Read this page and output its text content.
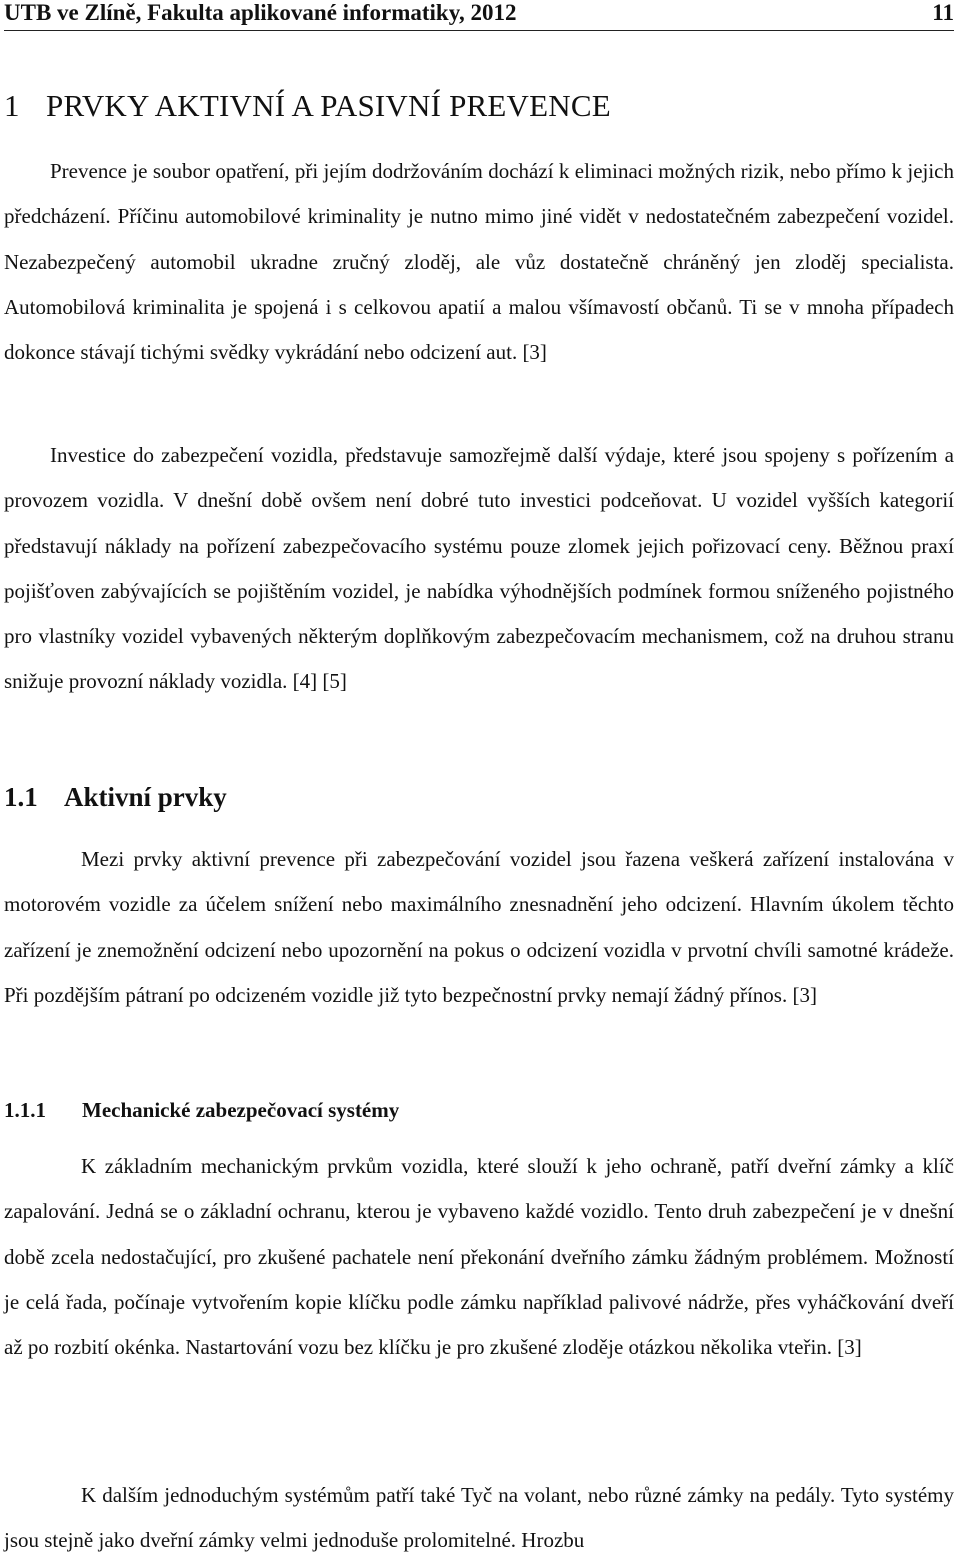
UTB ve Zlíně, Fakulta aplikované informatiky, 2012	11
1 PRVKY AKTIVNÍ A PASIVNÍ PREVENCE

Prevence je soubor opatření, při jejím dodržováním dochází k eliminaci možných rizik, nebo přímo k jejich předcházení. Příčinu automobilové kriminality je nutno mimo jiné vidět v nedostatečném zabezpečení vozidel. Nezabezpečený automobil ukradne zručný zloděj, ale vůz dostatečně chráněný jen zloděj specialista. Automobilová kriminalita je spojená i s celkovou apatií a malou všímavostí občanů. Ti se v mnoha případech dokonce stávají tichými svědky vykrádání nebo odcizení aut. [3]

Investice do zabezpečení vozidla, představuje samozřejmě další výdaje, které jsou spojeny s pořízením a provozem vozidla. V dnešní době ovšem není dobré tuto investici podceňovat. U vozidel vyšších kategorií představují náklady na pořízení zabezpečovacího systému pouze zlomek jejich pořizovací ceny. Běžnou praxí pojišťoven zabývajících se pojištěním vozidel, je nabídka výhodnějších podmínek formou sníženého pojistného pro vlastníky vozidel vybavených některým doplňkovým zabezpečovacím mechanismem, což na druhou stranu snižuje provozní náklady vozidla. [4] [5]

1.1 Aktivní prvky

Mezi prvky aktivní prevence při zabezpečování vozidel jsou řazena veškerá zařízení instalována v motorovém vozidle za účelem snížení nebo maximálního znesnadnění jeho odcizení. Hlavním úkolem těchto zařízení je znemožnění odcizení nebo upozornění na pokus o odcizení vozidla v prvotní chvíli samotné krádeže. Při pozdějším pátraní po odcizeném vozidle již tyto bezpečnostní prvky nemají žádný přínos. [3]

1.1.1 Mechanické zabezpečovací systémy

K základním mechanickým prvkům vozidla, které slouží k jeho ochraně, patří dveřní zámky a klíč zapalování. Jedná se o základní ochranu, kterou je vybaveno každé vozidlo. Tento druh zabezpečení je v dnešní době zcela nedostačující, pro zkušené pachatele není překonání dveřního zámku žádným problémem. Možností je celá řada, počínaje vytvořením kopie klíčku podle zámku například palivové nádrže, přes vyháčkování dveří až po rozbití okénka. Nastartování vozu bez klíčku je pro zkušené zloděje otázkou několika vteřin. [3]

K dalším jednoduchým systémům patří také Tyč na volant, nebo různé zámky na pedály. Tyto systémy jsou stejně jako dveřní zámky velmi jednoduše prolomitelné. Hrozbu
